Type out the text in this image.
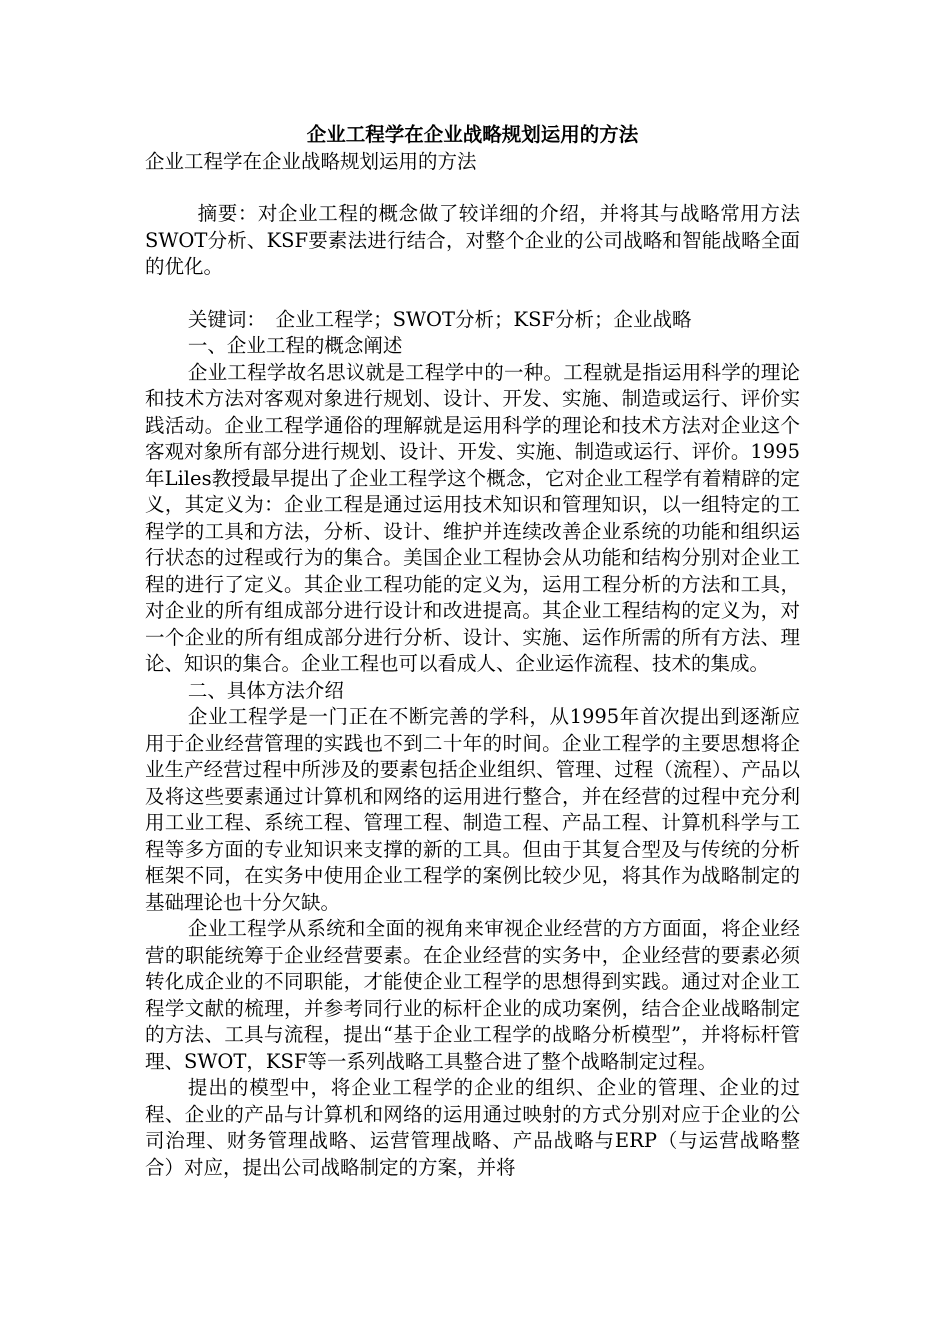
企业工程学在企业战略规划运用的方法

企业工程学在企业战略规划运用的方法

摘要：对企业工程的概念做了较详细的介绍，并将其与战略常用方法SWOT分析、KSF要素法进行结合，对整个企业的公司战略和智能战略全面的优化。

关键词：　企业工程学；SWOT分析；KSF分析；企业战略

一、企业工程的概念阐述

企业工程学故名思议就是工程学中的一种。工程就是指运用科学的理论和技术方法对客观对象进行规划、设计、开发、实施、制造或运行、评价实践活动。企业工程学通俗的理解就是运用科学的理论和技术方法对企业这个客观对象所有部分进行规划、设计、开发、实施、制造或运行、评价。1995年Liles教授最早提出了企业工程学这个概念，它对企业工程学有着精辟的定义，其定义为：企业工程是通过运用技术知识和管理知识，以一组特定的工程学的工具和方法，分析、设计、维护并连续改善企业系统的功能和组织运行状态的过程或行为的集合。美国企业工程协会从功能和结构分别对企业工程的进行了定义。其企业工程功能的定义为，运用工程分析的方法和工具，对企业的所有组成部分进行设计和改进提高。其企业工程结构的定义为，对一个企业的所有组成部分进行分析、设计、实施、运作所需的所有方法、理论、知识的集合。企业工程也可以看成人、企业运作流程、技术的集成。

二、具体方法介绍

企业工程学是一门正在不断完善的学科，从1995年首次提出到逐渐应用于企业经营管理的实践也不到二十年的时间。企业工程学的主要思想将企业生产经营过程中所涉及的要素包括企业组织、管理、过程（流程）、产品以及将这些要素通过计算机和网络的运用进行整合，并在经营的过程中充分利用工业工程、系统工程、管理工程、制造工程、产品工程、计算机科学与工程等多方面的专业知识来支撑的新的工具。但由于其复合型及与传统的分析框架不同，在实务中使用企业工程学的案例比较少见，将其作为战略制定的基础理论也十分欠缺。

企业工程学从系统和全面的视角来审视企业经营的方方面面，将企业经营的职能统筹于企业经营要素。在企业经营的实务中，企业经营的要素必须转化成企业的不同职能，才能使企业工程学的思想得到实践。通过对企业工程学文献的梳理，并参考同行业的标杆企业的成功案例，结合企业战略制定的方法、工具与流程，提出“基于企业工程学的战略分析模型”，并将标杆管理、SWOT，KSF等一系列战略工具整合进了整个战略制定过程。

提出的模型中，将企业工程学的企业的组织、企业的管理、企业的过程、企业的产品与计算机和网络的运用通过映射的方式分别对应于企业的公司治理、财务管理战略、运营管理战略、产品战略与ERP（与运营战略整合）对应，提出公司战略制定的方案，并将
